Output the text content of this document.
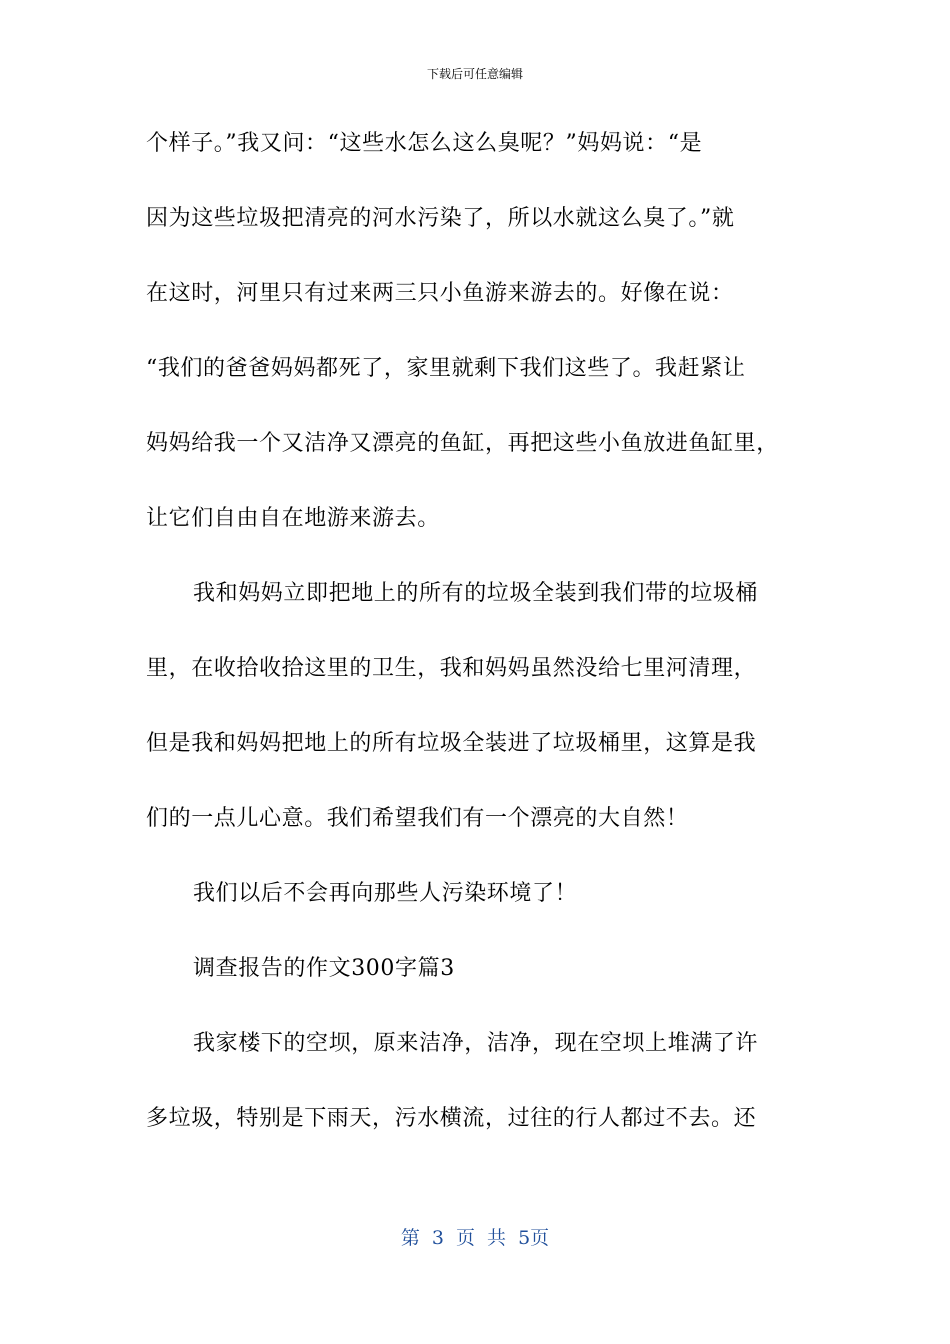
下载后可任意编辑
个样子。”我又问：“这些水怎么这么臭呢？”妈妈说：“是
因为这些垃圾把清亮的河水污染了，所以水就这么臭了。”就
在这时，河里只有过来两三只小鱼游来游去的。好像在说：
“我们的爸爸妈妈都死了，家里就剩下我们这些了。我赶紧让
妈妈给我一个又洁净又漂亮的鱼缸，再把这些小鱼放进鱼缸里，
让它们自由自在地游来游去。
我和妈妈立即把地上的所有的垃圾全装到我们带的垃圾桶
里，在收拾收拾这里的卫生，我和妈妈虽然没给七里河清理，
但是我和妈妈把地上的所有垃圾全装进了垃圾桶里，这算是我
们的一点儿心意。我们希望我们有一个漂亮的大自然！
我们以后不会再向那些人污染环境了！
调查报告的作文300字篇3
我家楼下的空坝，原来洁净，洁净，现在空坝上堆满了许
多垃圾，特别是下雨天，污水横流，过往的行人都过不去。还
第 3 页 共 5页
